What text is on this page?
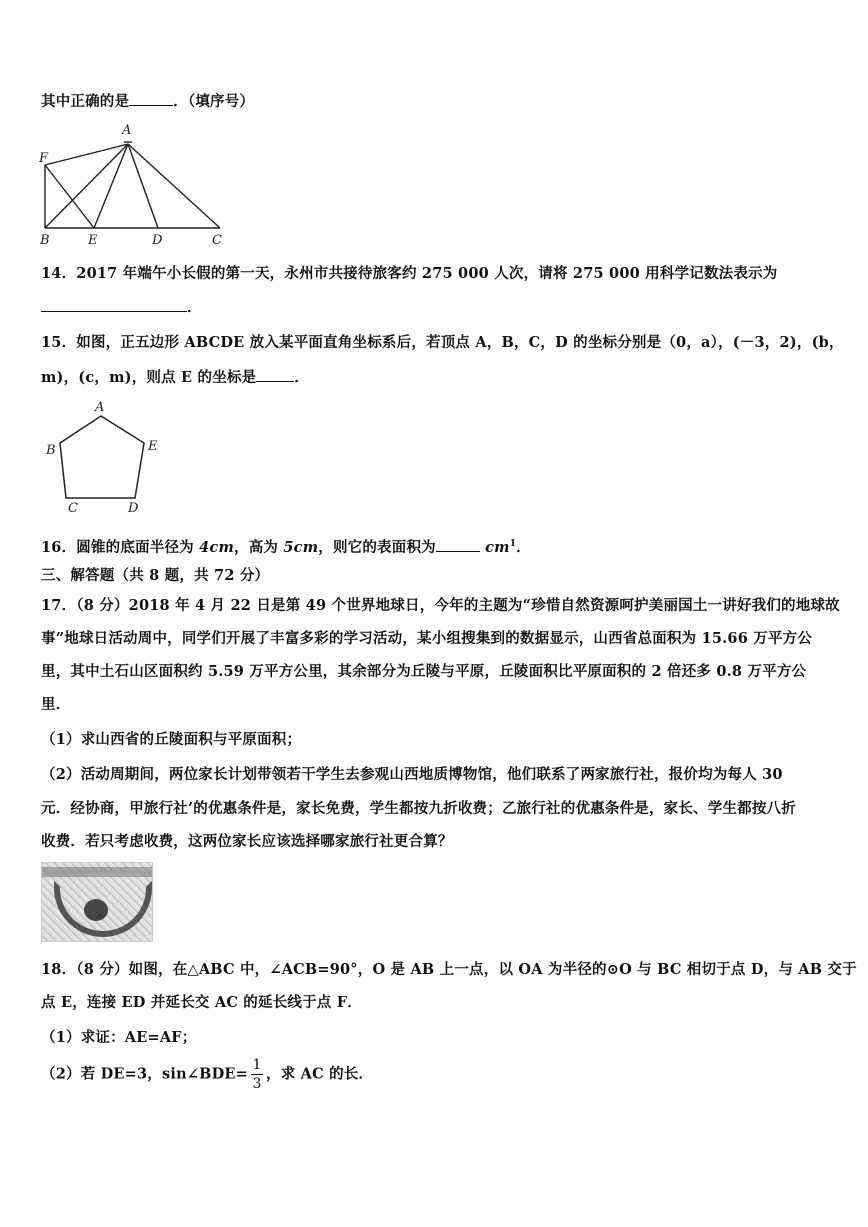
其中正确的是	．（填序号）
A
F
B	E	D	C
14．2017 年端午小长假的第一天，永州市共接待旅客约 275 000 人次，请将 275 000 用科学记数法表示为
．
15．如图，正五边形 ABCDE 放入某平面直角坐标系后，若顶点 A，B，C，D 的坐标分别是（0，a），(－3，2)，(b，
m)，(c，m)，则点 E 的坐标是	．
A
B	E
C	D
16．圆锥的底面半径为 4cm，高为 5cm，则它的表面积为	$cm^1$．
三、解答题（共 8 题，共 72 分）
17．（8 分）2018 年 4 月 22 日是第 49 个世界地球日，今年的主题为“珍惜自然资源呵护美丽国土一讲好我们的地球故
事”地球日活动周中，同学们开展了丰富多彩的学习活动，某小组搜集到的数据显示，山西省总面积为 15.66 万平方公
里，其中土石山区面积约 5.59 万平方公里，其余部分为丘陵与平原，丘陵面积比平原面积的 2 倍还多 0.8 万平方公
里．
（1）求山西省的丘陵面积与平原面积；
（2）活动周期间，两位家长计划带领若干学生去参观山西地质博物馆，他们联系了两家旅行社，报价均为每人 30
元．经协商，甲旅行社’的优惠条件是，家长免费，学生都按九折收费；乙旅行社的优惠条件是，家长、学生都按八折
收费．若只考虑收费，这两位家长应该选择哪家旅行社更合算？
18．（8 分）如图，在△ABC 中，∠ACB=90°，O 是 AB 上一点，以 OA 为半径的⊙O 与 BC 相切于点 D，与 AB 交于
点 E，连接 ED 并延长交 AC 的延长线于点 F．
（1）求证：AE=AF；
（2）若 DE=3，sin∠BDE= $\frac{1}{3}$ ，求 AC 的长．
